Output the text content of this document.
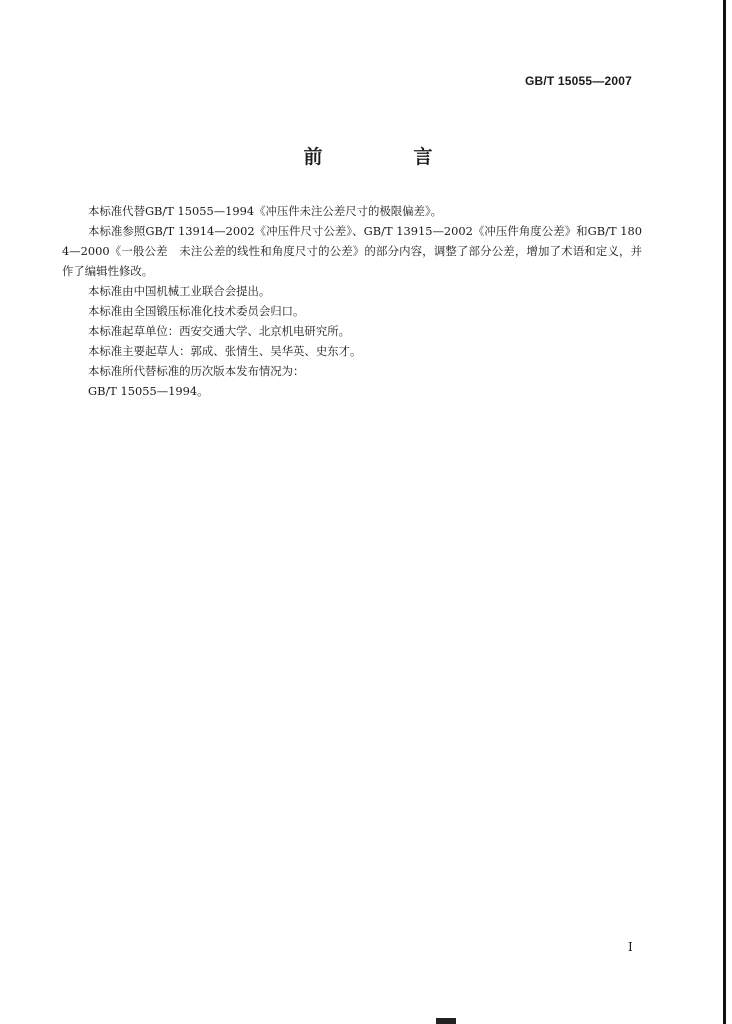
GB/T 15055—2007
前　言

本标准代替GB/T 15055—1994《冲压件未注公差尺寸的极限偏差》。

本标准参照GB/T 13914—2002《冲压件尺寸公差》、GB/T 13915—2002《冲压件角度公差》和GB/T 1804—2000《一般公差　未注公差的线性和角度尺寸的公差》的部分内容，调整了部分公差，增加了术语和定义，并作了编辑性修改。

本标准由中国机械工业联合会提出。

本标准由全国锻压标准化技术委员会归口。

本标准起草单位：西安交通大学、北京机电研究所。

本标准主要起草人：郭成、张情生、吴华英、史东才。

本标准所代替标准的历次版本发布情况为：

GB/T 15055—1994。

I
